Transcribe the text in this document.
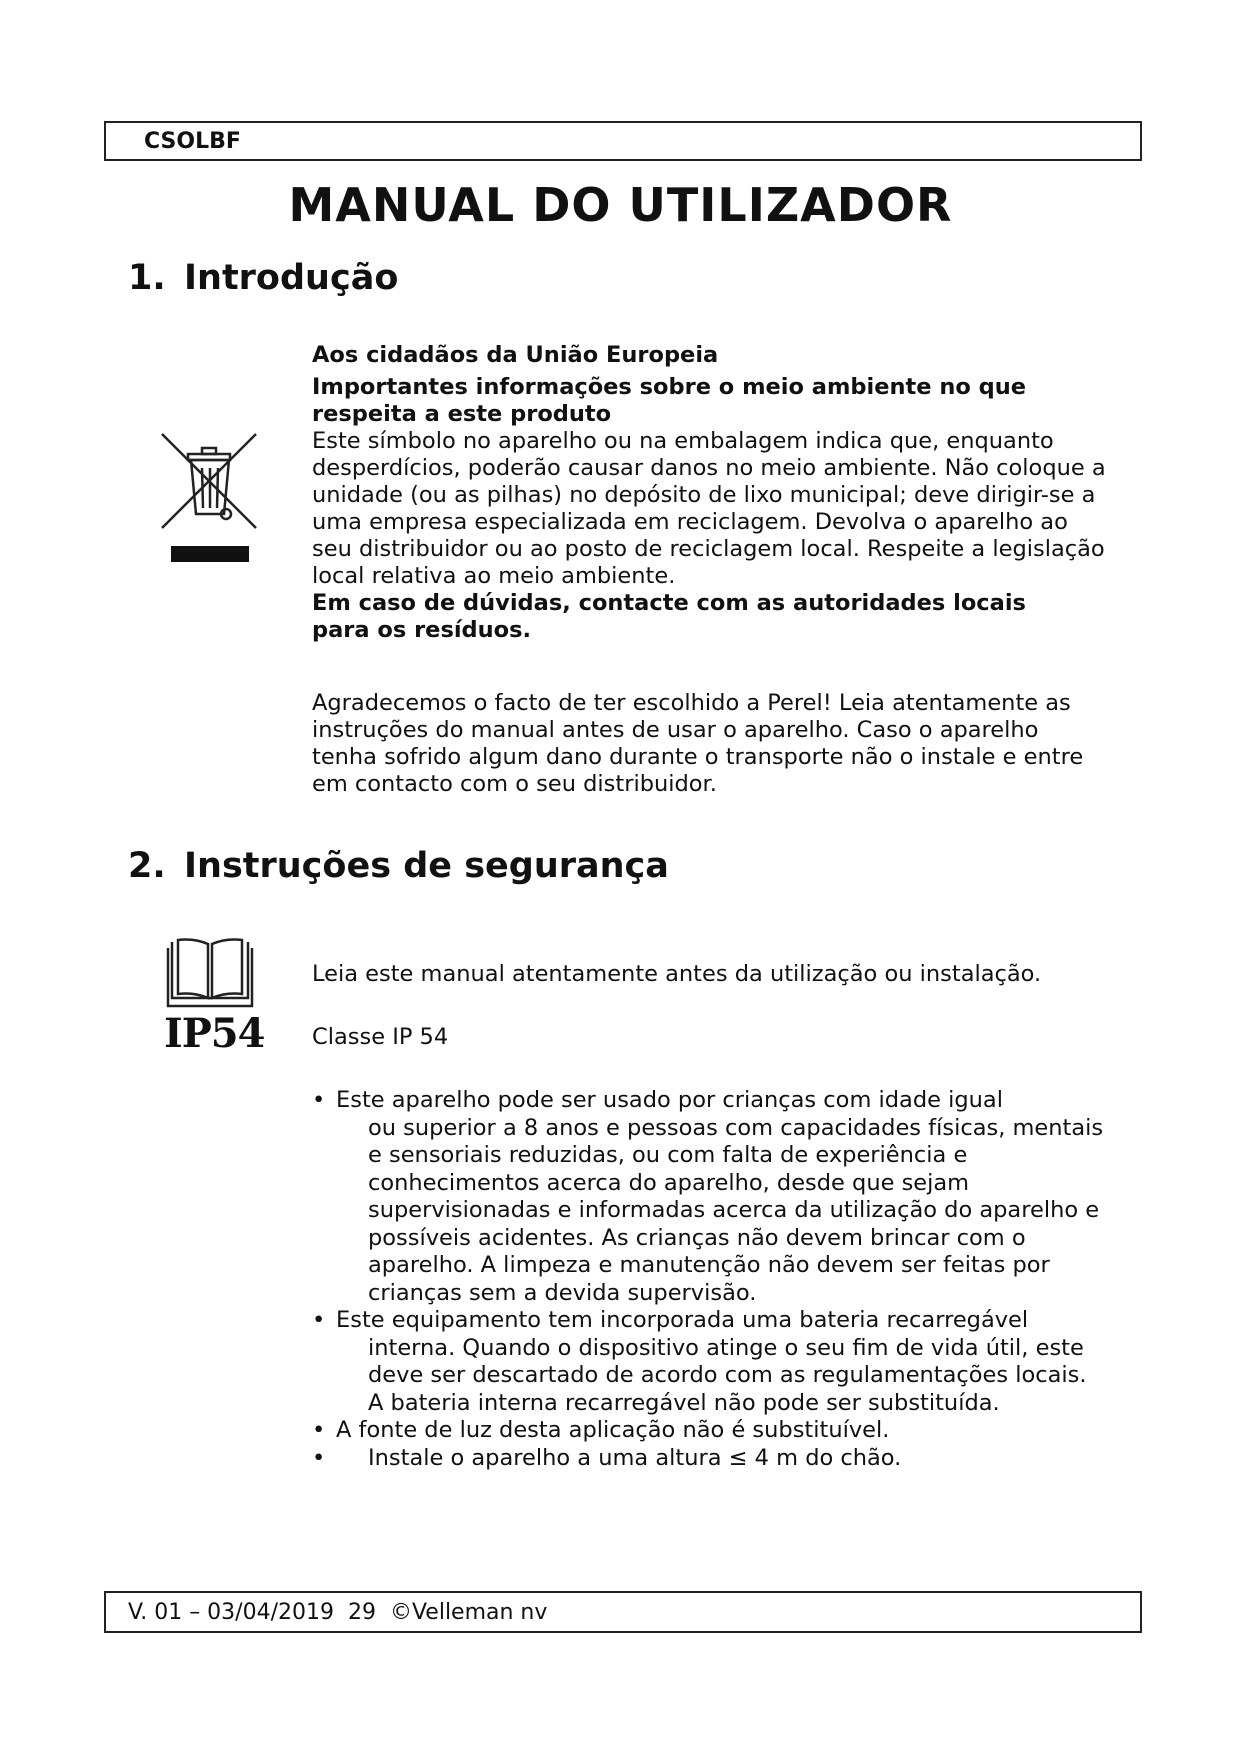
CSOLBF
MANUAL DO UTILIZADOR
1. Introdução

Aos cidadãos da União Europeia

Importantes informações sobre o meio ambiente no que respeita a este produto

Este símbolo no aparelho ou na embalagem indica que, enquanto desperdícios, poderão causar danos no meio ambiente. Não coloque a unidade (ou as pilhas) no depósito de lixo municipal; deve dirigir-se a uma empresa especializada em reciclagem. Devolva o aparelho ao seu distribuidor ou ao posto de reciclagem local. Respeite a legislação local relativa ao meio ambiente.

Em caso de dúvidas, contacte com as autoridades locais para os resíduos.

Agradecemos o facto de ter escolhido a Perel! Leia atentamente as instruções do manual antes de usar o aparelho. Caso o aparelho tenha sofrido algum dano durante o transporte não o instale e entre em contacto com o seu distribuidor.

2. Instruções de segurança
IP54

Leia este manual atentamente antes da utilização ou instalação.

Classe IP 54

• Este aparelho pode ser usado por crianças com idade igual
ou superior a 8 anos e pessoas com capacidades físicas, mentais e sensoriais reduzidas, ou com falta de experiência e conhecimentos acerca do aparelho, desde que sejam supervisionadas e informadas acerca da utilização do aparelho e possíveis acidentes. As crianças não devem brincar com o aparelho. A limpeza e manutenção não devem ser feitas por crianças sem a devida supervisão.
• Este equipamento tem incorporada uma bateria recarregável
interna. Quando o dispositivo atinge o seu fim de vida útil, este deve ser descartado de acordo com as regulamentações locais. A bateria interna recarregável não pode ser substituída.
• A fonte de luz desta aplicação não é substituível.
•	Instale o aparelho a uma altura ≤ 4 m do chão.
V. 01 – 03/04/2019  29  ©Velleman nv
